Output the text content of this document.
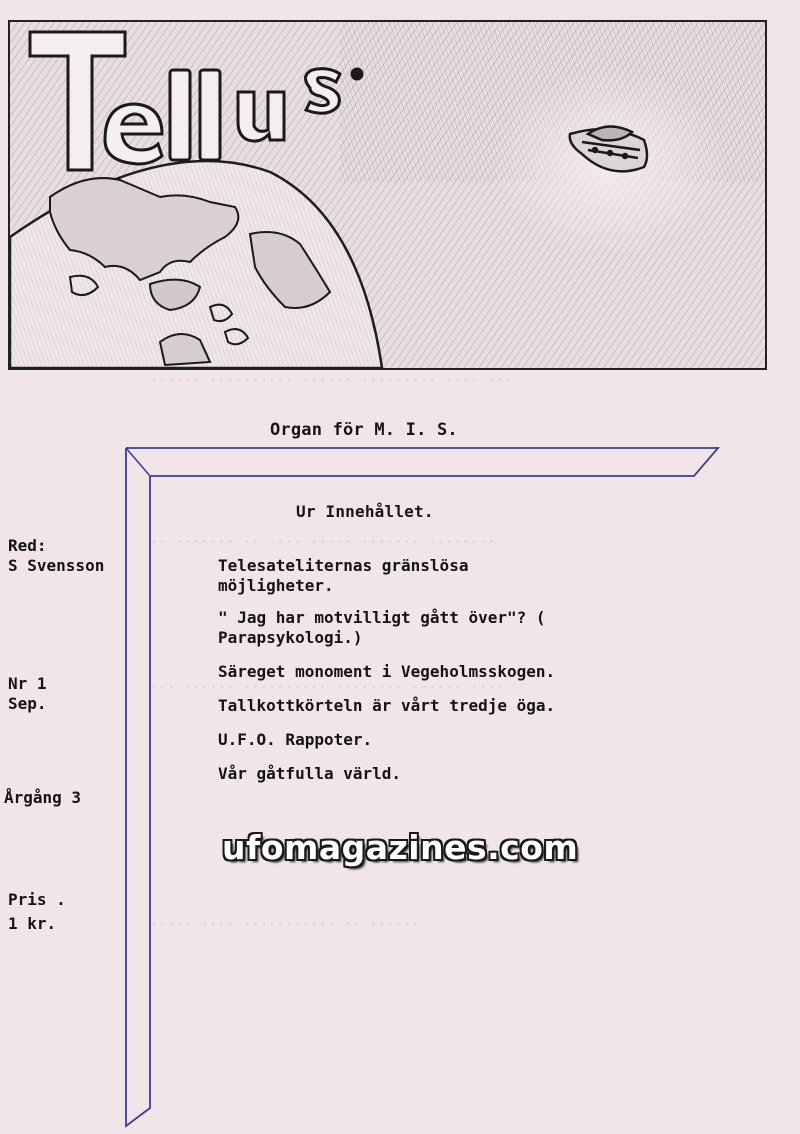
······ ·········· ······ ········· ···· ···
·· ······· ·· ···· ····· ······· ········
··· ······ ·········· ········ ······ ····
····· ···· ··········· ·· ······
Organ för M. I. S.
Ur Innehållet.
Telesateliternas gränslösa möjligheter.
" Jag har motvilligt gått över"? ( Parapsykologi.)
Säreget monoment i Vegeholmsskogen.
Tallkottkörteln är vårt tredje öga.
U.F.O. Rappoter.
Vår gåtfulla värld.
Red:
S Svensson
Nr 1
Sep.
Årgång 3
Pris .
1 kr.
ufomagazines.com
